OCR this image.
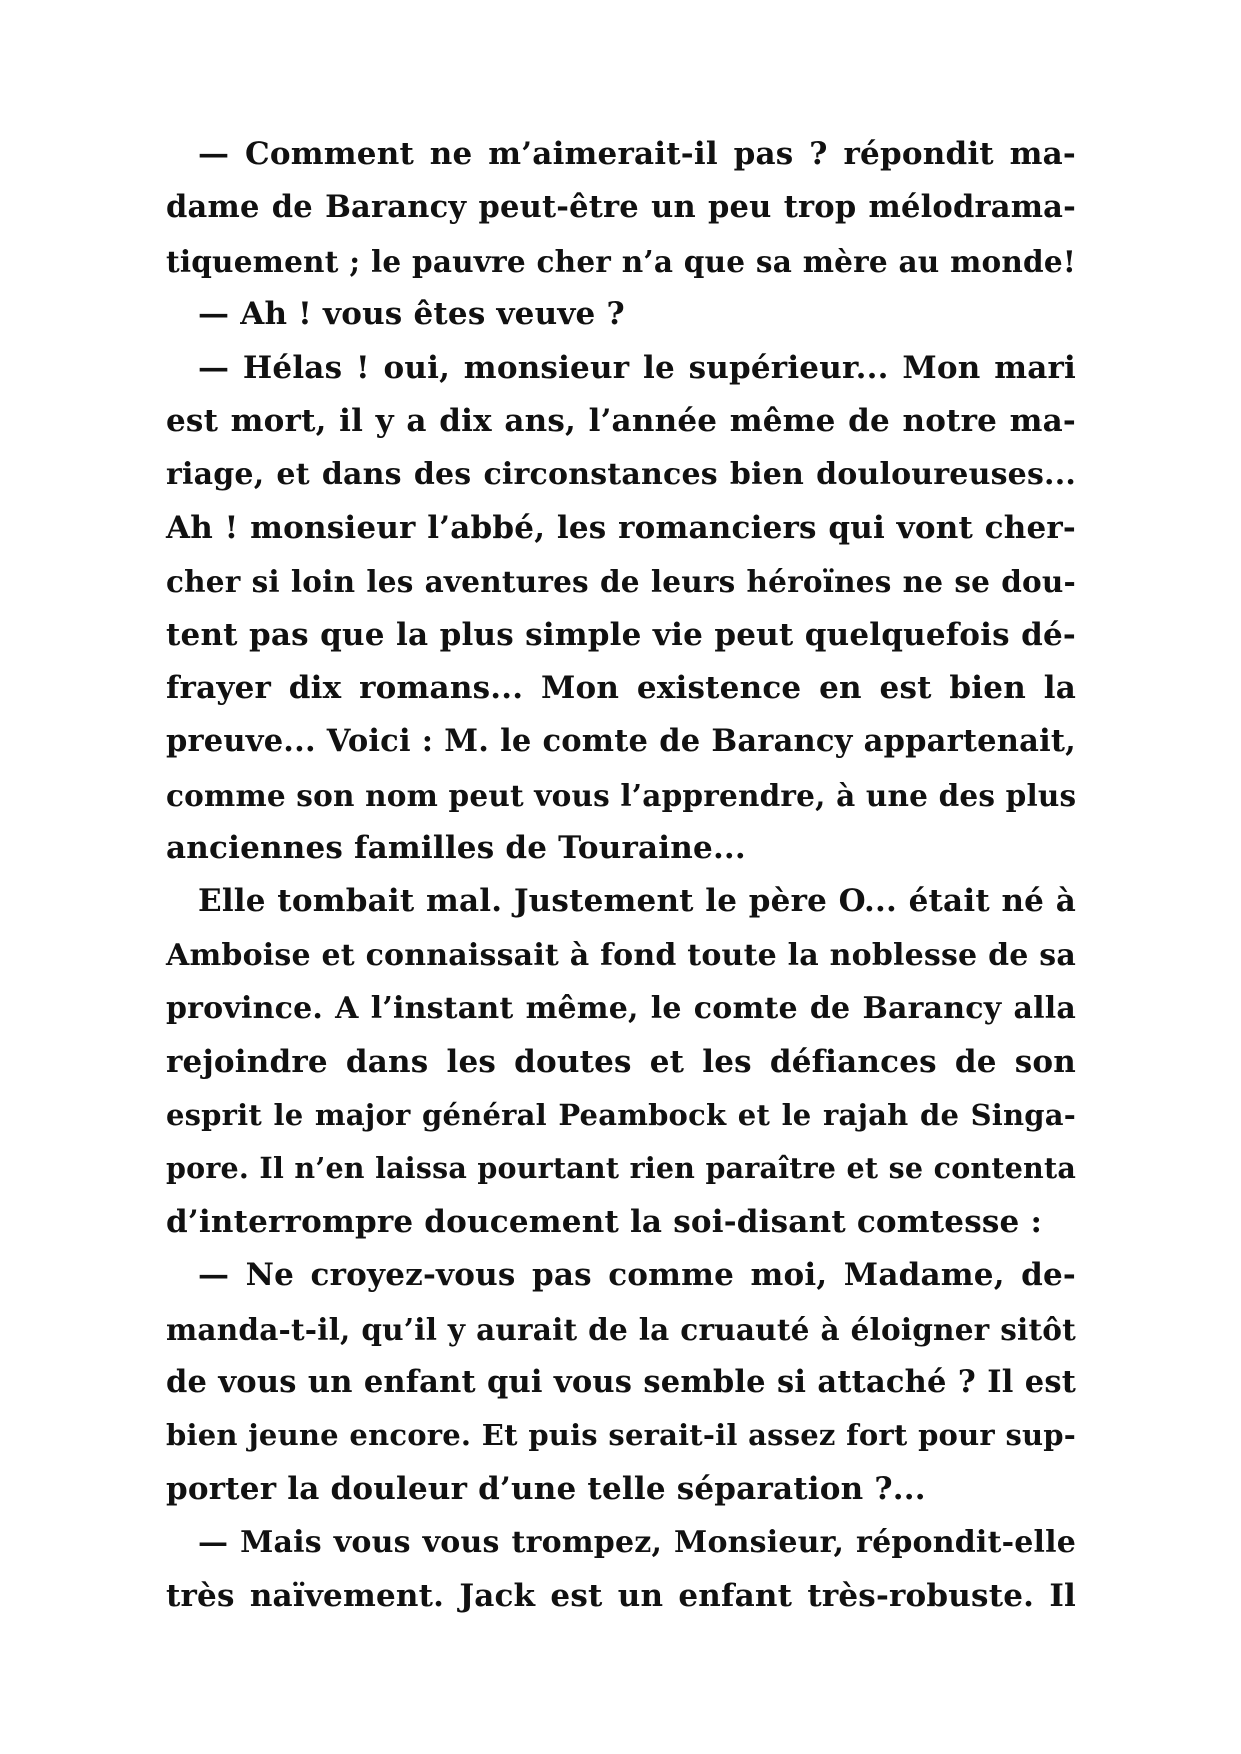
— Comment ne m’aimerait-il pas ? répondit ma-
dame de Barancy peut-être un peu trop mélodrama-
tiquement ; le pauvre cher n’a que sa mère au monde!
— Ah ! vous êtes veuve ?
— Hélas ! oui, monsieur le supérieur... Mon mari
est mort, il y a dix ans, l’année même de notre ma-
riage, et dans des circonstances bien douloureuses...
Ah ! monsieur l’abbé, les romanciers qui vont cher-
cher si loin les aventures de leurs héroïnes ne se dou-
tent pas que la plus simple vie peut quelquefois dé-
frayer dix romans... Mon existence en est bien la
preuve... Voici : M. le comte de Barancy appartenait,
comme son nom peut vous l’apprendre, à une des plus
anciennes familles de Touraine...
Elle tombait mal. Justement le père O... était né à
Amboise et connaissait à fond toute la noblesse de sa
province. A l’instant même, le comte de Barancy alla
rejoindre dans les doutes et les défiances de son
esprit le major général Peambock et le rajah de Singa-
pore. Il n’en laissa pourtant rien paraître et se contenta
d’interrompre doucement la soi-disant comtesse :
— Ne croyez-vous pas comme moi, Madame, de-
manda-t-il, qu’il y aurait de la cruauté à éloigner sitôt
de vous un enfant qui vous semble si attaché ? Il est
bien jeune encore. Et puis serait-il assez fort pour sup-
porter la douleur d’une telle séparation ?...
— Mais vous vous trompez, Monsieur, répondit-elle
très naïvement. Jack est un enfant très-robuste. Il
